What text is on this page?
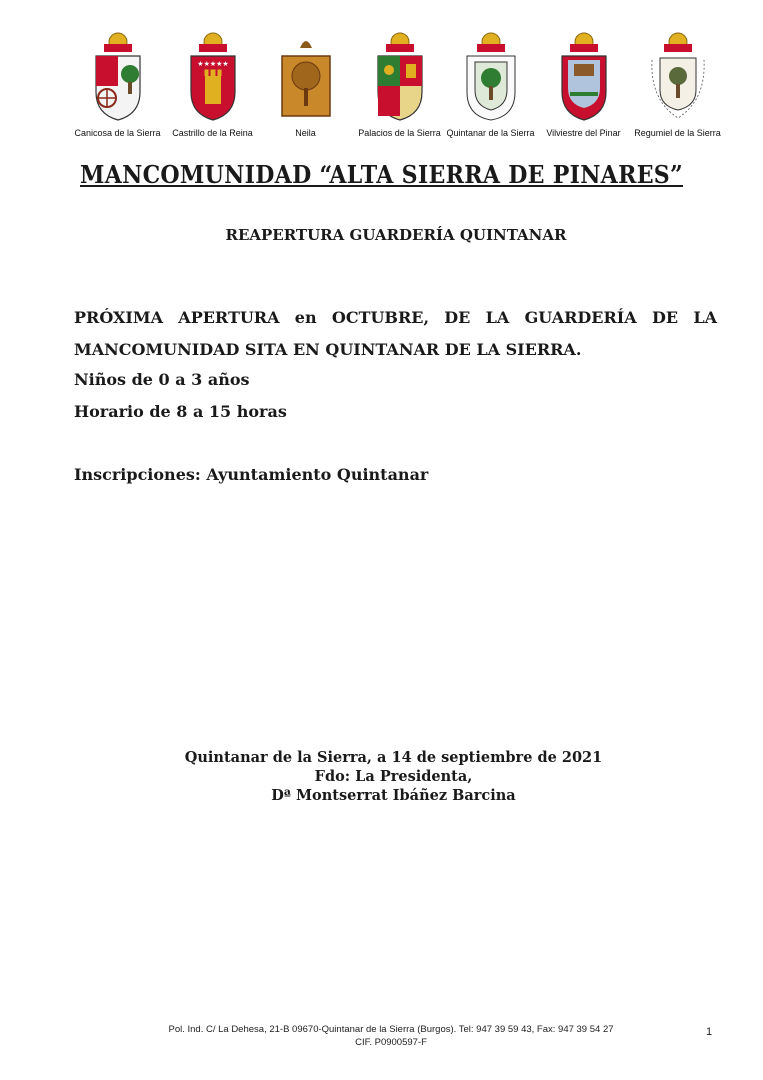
Canicosa de la Sierra
★★★★★
Castrillo de la Reina	Neila	Palacios de la Sierra Quintanar de la Sierra	Vilviestre del Pinar	Regumiel de la Sierra
MANCOMUNIDAD “ALTA SIERRA DE PINARES”
REAPERTURA GUARDERÍA QUINTANAR
PRÓXIMA APERTURA en OCTUBRE, DE LA GUARDERÍA DE LA MANCOMUNIDAD SITA EN QUINTANAR DE LA SIERRA.
Niños de 0 a 3 años
Horario de 8 a 15 horas
Inscripciones: Ayuntamiento Quintanar
Quintanar de la Sierra, a 14 de septiembre de 2021
Fdo: La Presidenta,
Dª Montserrat Ibáñez Barcina
Pol. Ind. C/ La Dehesa, 21-B 09670-Quintanar de la Sierra (Burgos). Tel: 947 39 59 43, Fax: 947 39 54 27
CIF. P0900597-F
1
